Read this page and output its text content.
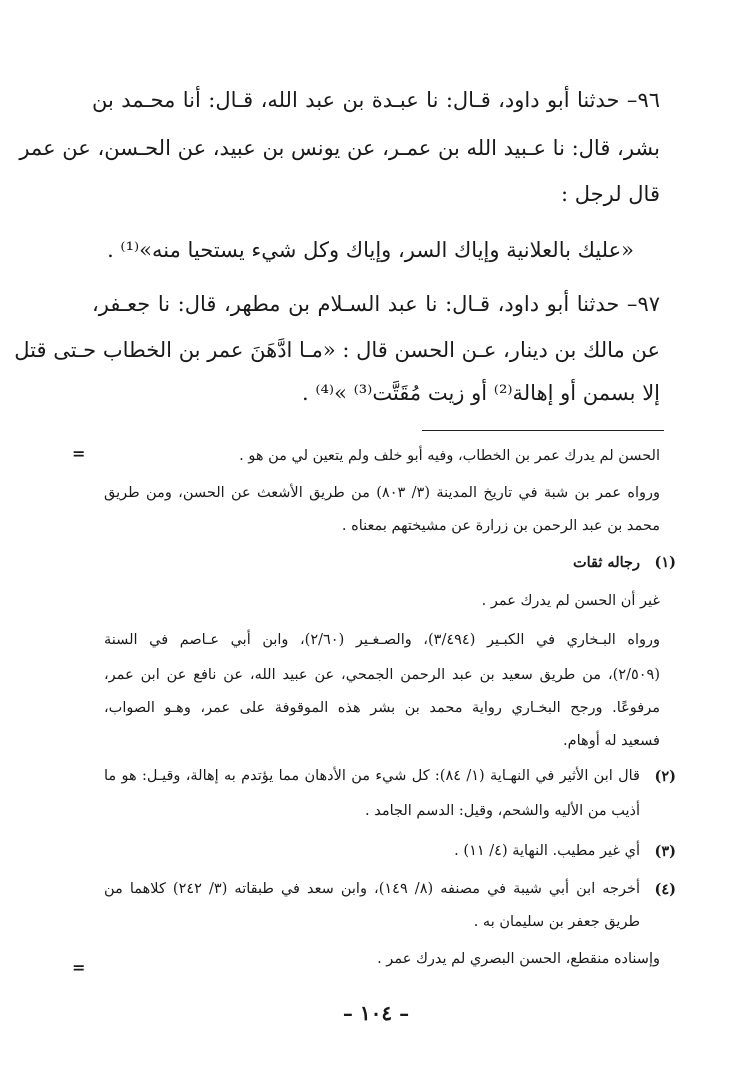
٩٦– حدثنا أبو داود، قـال: نا عبـدة بن عبد الله، قـال: أنا محـمد بن
بشر، قال: نا عـبيد الله بن عمـر، عن يونس بن عبيد، عن الحـسن، عن عمر
قال لرجل :
«عليك بالعلانية وإياك السر، وإياك وكل شيء يستحيا منه»⁽¹⁾ .
٩٧– حدثنا أبو داود، قـال: نا عبد السـلام بن مطهر، قال: نا جعـفر،
عن مالك بن دينار، عـن الحسن قال : «مـا ادَّهَنَ عمر بن الخطاب حـتى قتل
إلا بسمن أو إهالة⁽²⁾ أو زيت مُقَتَّت⁽³⁾ »⁽⁴⁾ .
=	الحسن لم يدرك عمر بن الخطاب، وفيه أبو خلف ولم يتعين لي من هو .
ورواه عمر بن شبة في تاريخ المدينة (٣/ ٨٠٣) من طريق الأشعث عن الحسن، ومن طريق
محمد بن عبد الرحمن بن زرارة عن مشيختهم بمعناه .
(١)
رجاله ثقات
غير أن الحسن لم يدرك عمر .
ورواه البـخاري في الكبـير (٣/٤٩٤)، والصـغـير (٢/٦٠)، وابن أبي عـاصم في السنة
(٢/٥٠٩)، من طريق سعيد بن عبد الرحمن الجمحي، عن عبيد الله، عن نافع عن ابن عمر،
مرفوعًا. ورجح البخـاري رواية محمد بن بشر هذه الموقوفة على عمر، وهـو الصواب،
فسعيد له أوهام.
(٢)
قال ابن الأثير في النهـاية (١/ ٨٤): كل شيء من الأدهان مما يؤتدم به إهالة، وقيـل: هو ما
أذيب من الأليه والشحم، وقيل: الدسم الجامد .
(٣)
أي غير مطيب. النهاية (٤/ ١١) .
(٤)
أخرجه ابن أبي شيبة في مصنفه (٨/ ١٤٩)، وابن سعد في طبقاته (٣/ ٢٤٢) كلاهما من
طريق جعفر بن سليمان به .
وإسناده منقطع، الحسن البصري لم يدرك عمر .
=
– ١٠٤ –
